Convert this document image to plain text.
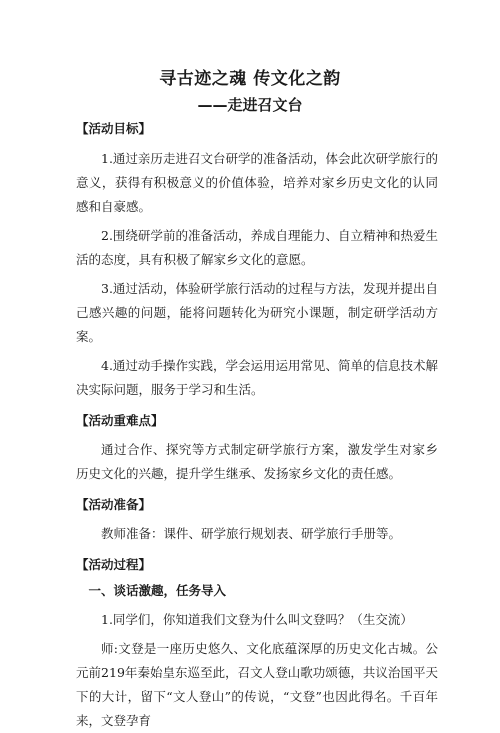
寻古迹之魂 传文化之韵
——走进召文台
【活动目标】

1.通过亲历走进召文台研学的准备活动，体会此次研学旅行的意义，获得有积极意义的价值体验，培养对家乡历史文化的认同感和自豪感。

2.围绕研学前的准备活动，养成自理能力、自立精神和热爱生活的态度，具有积极了解家乡文化的意愿。

3.通过活动，体验研学旅行活动的过程与方法，发现并提出自己感兴趣的问题，能将问题转化为研究小课题，制定研学活动方案。

4.通过动手操作实践，学会运用运用常见、简单的信息技术解决实际问题，服务于学习和生活。

【活动重难点】

通过合作、探究等方式制定研学旅行方案，激发学生对家乡历史文化的兴趣，提升学生继承、发扬家乡文化的责任感。

【活动准备】

教师准备：课件、研学旅行规划表、研学旅行手册等。

【活动过程】
一、谈话激趣，任务导入

1.同学们，你知道我们文登为什么叫文登吗？（生交流）

师:文登是一座历史悠久、文化底蕴深厚的历史文化古城。公元前219年秦始皇东巡至此，召文人登山歌功颂德，共议治国平天下的大计，留下“文人登山”的传说，“文登”也因此得名。千百年来，文登孕育
